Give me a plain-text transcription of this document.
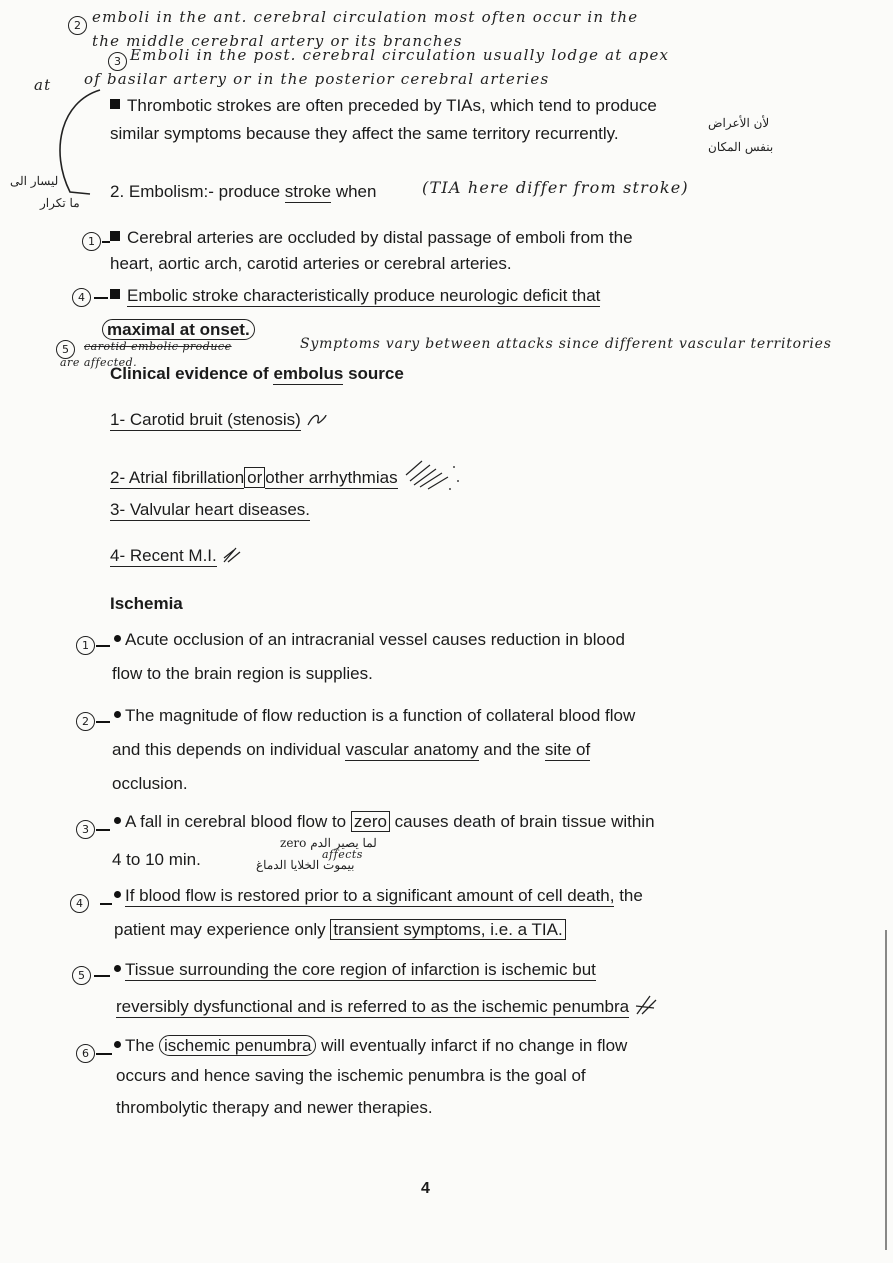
2 emboli in the ant. cerebral circulation most often occur in the
the middle cerebral artery or its branches
3 Emboli in the post. cerebral circulation usually lodge at apex
at of basilar artery or in the posterior cerebral arteries
Thrombotic strokes are often preceded by TIAs, which tend to produce
similar symptoms because they affect the same territory recurrently.
لأن الأعراض
بنفس المكان
ليسار الى
ما تكرار
2. Embolism:- produce stroke when	(TIA here differ from stroke)
1	Cerebral arteries are occluded by distal passage of emboli from the
heart, aortic arch, carotid arteries or cerebral arteries.
4	Embolic stroke characteristically produce neurologic deficit that
maximal at onset.
5	carotid embolic produce	Symptoms vary between attacks since different vascular territories
are affected.
Clinical evidence of embolus source
1- Carotid bruit (stenosis)
2- Atrial fibrillation or other arrhythmias
3- Valvular heart diseases.
4- Recent M.I.
Ischemia
1	Acute occlusion of an intracranial vessel causes reduction in blood
flow to the brain region is supplies.
2	The magnitude of flow reduction is a function of collateral blood flow
and this depends on individual vascular anatomy and the site of
occlusion.
3	A fall in cerebral blood flow to zero causes death of brain tissue within
4 to 10 min.
لما يصير الدم zero
affects
بيموت الخلايا الدماغ
4	If blood flow is restored prior to a significant amount of cell death, the
patient may experience only transient symptoms, i.e. a TIA.
5	Tissue surrounding the core region of infarction is ischemic but
reversibly dysfunctional and is referred to as the ischemic penumbra
6	The ischemic penumbra will eventually infarct if no change in flow
occurs and hence saving the ischemic penumbra is the goal of
thrombolytic therapy and newer therapies.
4
